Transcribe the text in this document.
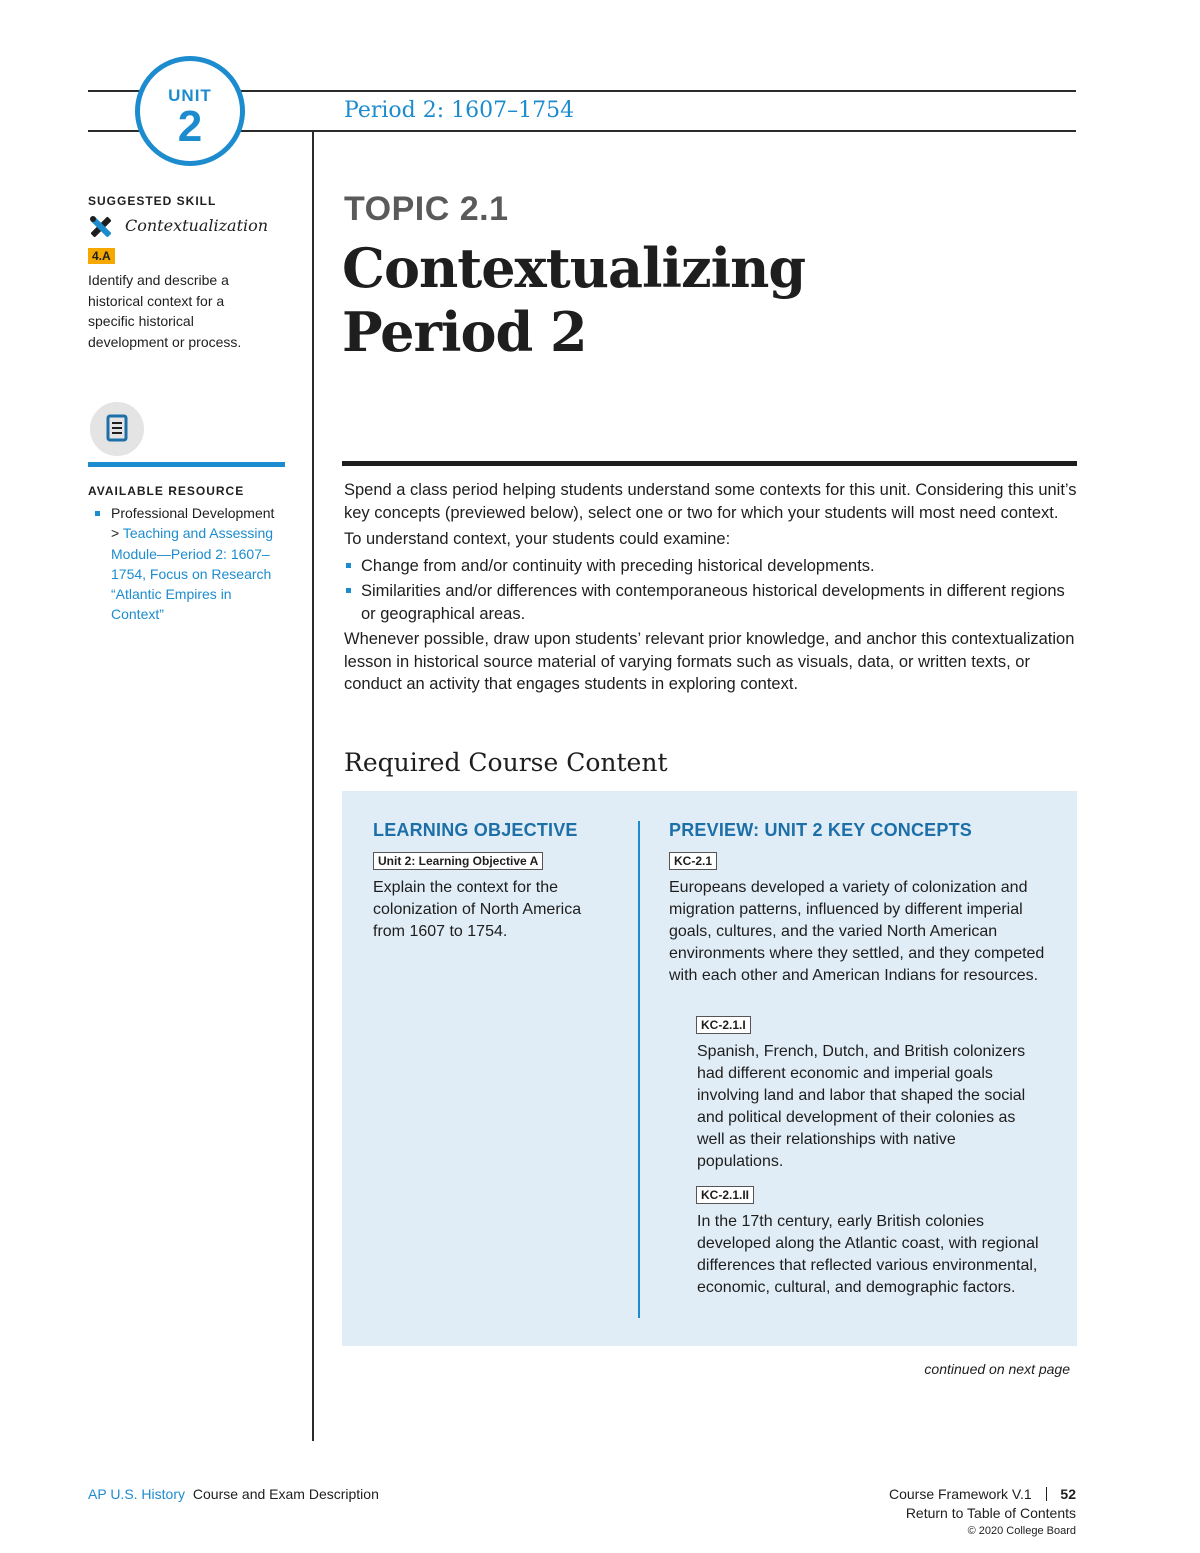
UNIT
2	Period 2: 1607–1754
SUGGESTED SKILL
Contextualization
4.A
Identify and describe a historical context for a specific historical development or process.
AVAILABLE RESOURCE
Professional Development
> Teaching and Assessing Module—Period 2: 1607–1754, Focus on Research “Atlantic Empires in Context”
TOPIC 2.1
Contextualizing
Period 2

Spend a class period helping students understand some contexts for this unit. Considering this unit’s key concepts (previewed below), select one or two for which your students will most need context.

To understand context, your students could examine:

Change from and/or continuity with preceding historical developments.
Similarities and/or differences with contemporaneous historical developments in different regions or geographical areas.

Whenever possible, draw upon students’ relevant prior knowledge, and anchor this contextualization lesson in historical source material of varying formats such as visuals, data, or written texts, or conduct an activity that engages students in exploring context.

Required Course Content
LEARNING OBJECTIVE
Unit 2: Learning Objective A
Explain the context for the colonization of North America from 1607 to 1754.
PREVIEW: UNIT 2 KEY CONCEPTS
KC-2.1
Europeans developed a variety of colonization and migration patterns, influenced by different imperial goals, cultures, and the varied North American environments where they settled, and they competed with each other and American Indians for resources.
KC-2.1.I
Spanish, French, Dutch, and British colonizers had different economic and imperial goals involving land and labor that shaped the social and political development of their colonies as well as their relationships with native populations.
KC-2.1.II
In the 17th century, early British colonies developed along the Atlantic coast, with regional differences that reflected various environmental, economic, cultural, and demographic factors.
continued on next page
AP U.S. History Course and Exam Description	Course Framework V.1 52
Return to Table of Contents
© 2020 College Board
